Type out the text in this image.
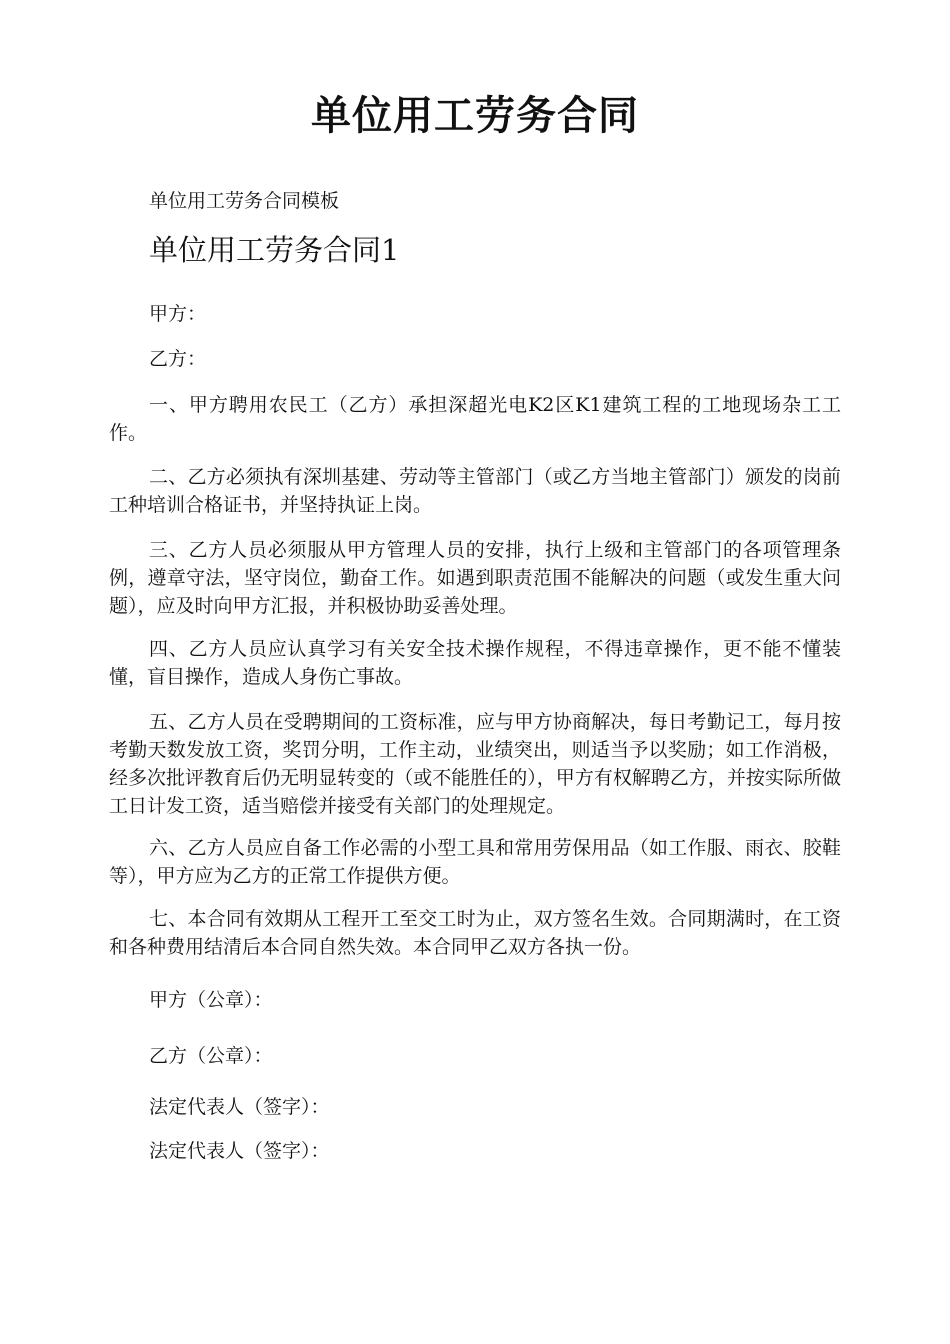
单位用工劳务合同

单位用工劳务合同模板

单位用工劳务合同1

甲方：

乙方：

一、甲方聘用农民工（乙方）承担深超光电K2区K1建筑工程的工地现场杂工工作。

二、乙方必须执有深圳基建、劳动等主管部门（或乙方当地主管部门）颁发的岗前工种培训合格证书，并坚持执证上岗。

三、乙方人员必须服从甲方管理人员的安排，执行上级和主管部门的各项管理条例，遵章守法，坚守岗位，勤奋工作。如遇到职责范围不能解决的问题（或发生重大问题），应及时向甲方汇报，并积极协助妥善处理。

四、乙方人员应认真学习有关安全技术操作规程，不得违章操作，更不能不懂装懂，盲目操作，造成人身伤亡事故。

五、乙方人员在受聘期间的工资标准，应与甲方协商解决，每日考勤记工，每月按考勤天数发放工资，奖罚分明，工作主动，业绩突出，则适当予以奖励；如工作消极，经多次批评教育后仍无明显转变的（或不能胜任的），甲方有权解聘乙方，并按实际所做工日计发工资，适当赔偿并接受有关部门的处理规定。

六、乙方人员应自备工作必需的小型工具和常用劳保用品（如工作服、雨衣、胶鞋等），甲方应为乙方的正常工作提供方便。

七、本合同有效期从工程开工至交工时为止，双方签名生效。合同期满时，在工资和各种费用结清后本合同自然失效。本合同甲乙双方各执一份。

甲方（公章）：

乙方（公章）：

法定代表人（签字）：

法定代表人（签字）：
